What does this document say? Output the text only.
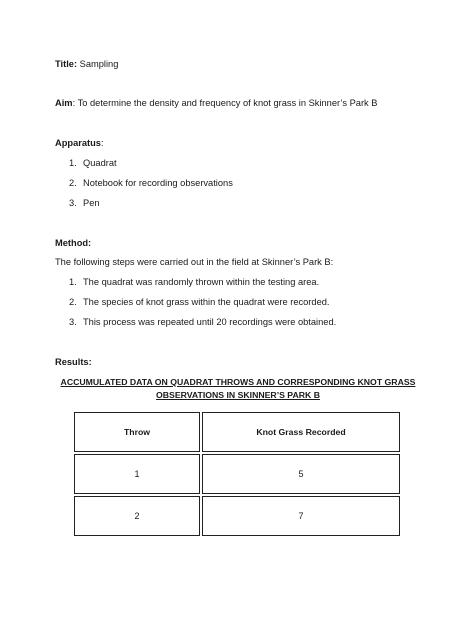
Title: Sampling
Aim: To determine the density and frequency of knot grass in Skinner’s Park B
Apparatus:
1. Quadrat
2. Notebook for recording observations
3. Pen
Method:
The following steps were carried out in the field at Skinner’s Park B:
1. The quadrat was randomly thrown within the testing area.
2. The species of knot grass within the quadrat were recorded.
3. This process was repeated until 20 recordings were obtained.
Results:
ACCUMULATED DATA ON QUADRAT THROWS AND CORRESPONDING KNOT GRASS
OBSERVATIONS IN SKINNER’S PARK B
Throw	Knot Grass Recorded
1	5
2	7
